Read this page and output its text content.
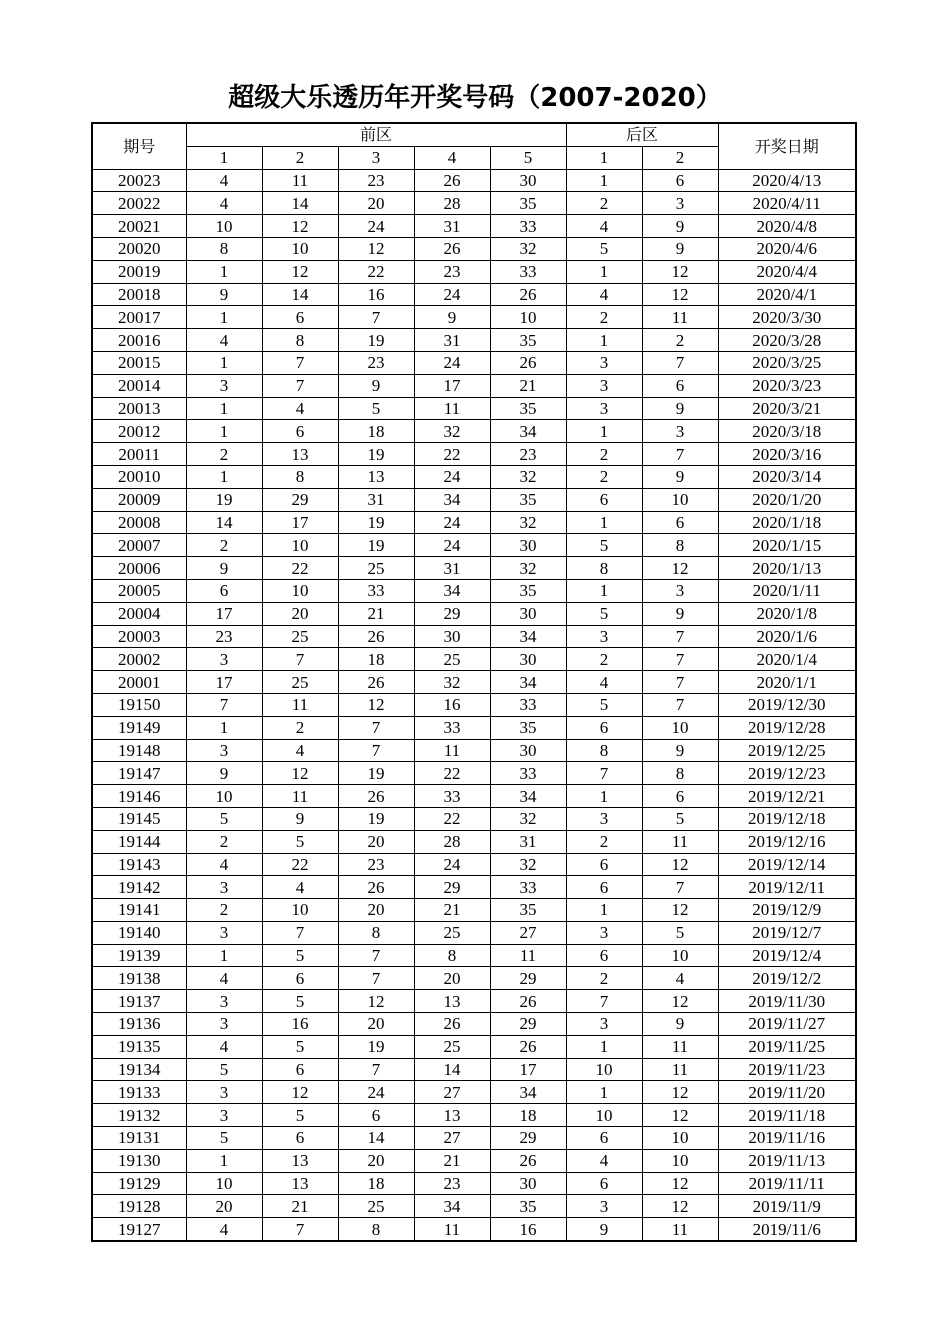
超级大乐透历年开奖号码（2007-2020）
期号	前区					后区		开奖日期
	1	2	3	4	5	1	2	
20023	4	11	23	26	30	1	6	2020/4/13
20022	4	14	20	28	35	2	3	2020/4/11
20021	10	12	24	31	33	4	9	2020/4/8
20020	8	10	12	26	32	5	9	2020/4/6
20019	1	12	22	23	33	1	12	2020/4/4
20018	9	14	16	24	26	4	12	2020/4/1
20017	1	6	7	9	10	2	11	2020/3/30
20016	4	8	19	31	35	1	2	2020/3/28
20015	1	7	23	24	26	3	7	2020/3/25
20014	3	7	9	17	21	3	6	2020/3/23
20013	1	4	5	11	35	3	9	2020/3/21
20012	1	6	18	32	34	1	3	2020/3/18
20011	2	13	19	22	23	2	7	2020/3/16
20010	1	8	13	24	32	2	9	2020/3/14
20009	19	29	31	34	35	6	10	2020/1/20
20008	14	17	19	24	32	1	6	2020/1/18
20007	2	10	19	24	30	5	8	2020/1/15
20006	9	22	25	31	32	8	12	2020/1/13
20005	6	10	33	34	35	1	3	2020/1/11
20004	17	20	21	29	30	5	9	2020/1/8
20003	23	25	26	30	34	3	7	2020/1/6
20002	3	7	18	25	30	2	7	2020/1/4
20001	17	25	26	32	34	4	7	2020/1/1
19150	7	11	12	16	33	5	7	2019/12/30
19149	1	2	7	33	35	6	10	2019/12/28
19148	3	4	7	11	30	8	9	2019/12/25
19147	9	12	19	22	33	7	8	2019/12/23
19146	10	11	26	33	34	1	6	2019/12/21
19145	5	9	19	22	32	3	5	2019/12/18
19144	2	5	20	28	31	2	11	2019/12/16
19143	4	22	23	24	32	6	12	2019/12/14
19142	3	4	26	29	33	6	7	2019/12/11
19141	2	10	20	21	35	1	12	2019/12/9
19140	3	7	8	25	27	3	5	2019/12/7
19139	1	5	7	8	11	6	10	2019/12/4
19138	4	6	7	20	29	2	4	2019/12/2
19137	3	5	12	13	26	7	12	2019/11/30
19136	3	16	20	26	29	3	9	2019/11/27
19135	4	5	19	25	26	1	11	2019/11/25
19134	5	6	7	14	17	10	11	2019/11/23
19133	3	12	24	27	34	1	12	2019/11/20
19132	3	5	6	13	18	10	12	2019/11/18
19131	5	6	14	27	29	6	10	2019/11/16
19130	1	13	20	21	26	4	10	2019/11/13
19129	10	13	18	23	30	6	12	2019/11/11
19128	20	21	25	34	35	3	12	2019/11/9
19127	4	7	8	11	16	9	11	2019/11/6
